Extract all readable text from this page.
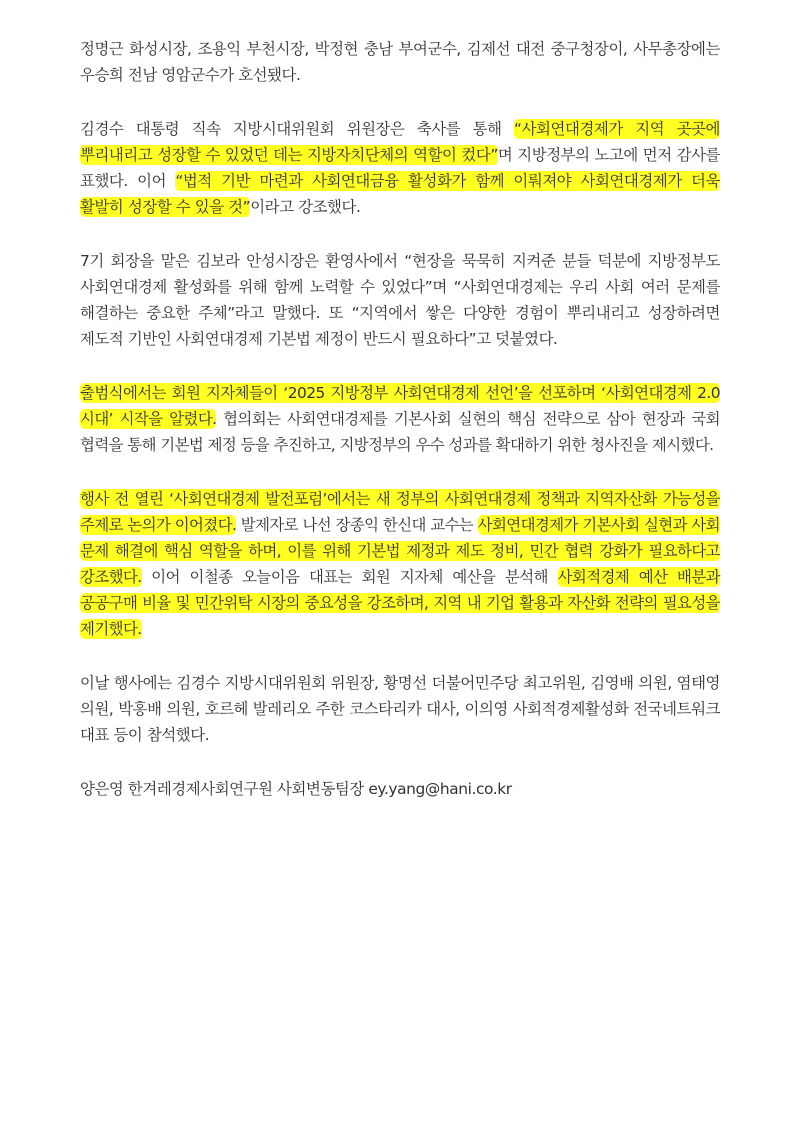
정명근 화성시장, 조용익 부천시장, 박정현 충남 부여군수, 김제선 대전 중구청장이, 사무총장에는 우승희 전남 영암군수가 호선됐다.

김경수 대통령 직속 지방시대위원회 위원장은 축사를 통해 “사회연대경제가 지역 곳곳에 뿌리내리고 성장할 수 있었던 데는 지방자치단체의 역할이 컸다”며 지방정부의 노고에 먼저 감사를 표했다. 이어 “법적 기반 마련과 사회연대금융 활성화가 함께 이뤄져야 사회연대경제가 더욱 활발히 성장할 수 있을 것”이라고 강조했다.

7기 회장을 맡은 김보라 안성시장은 환영사에서 “현장을 묵묵히 지켜준 분들 덕분에 지방정부도 사회연대경제 활성화를 위해 함께 노력할 수 있었다”며 “사회연대경제는 우리 사회 여러 문제를 해결하는 중요한 주체”라고 말했다. 또 “지역에서 쌓은 다양한 경험이 뿌리내리고 성장하려면 제도적 기반인 사회연대경제 기본법 제정이 반드시 필요하다”고 덧붙였다.

출범식에서는 회원 지자체들이 ‘2025 지방정부 사회연대경제 선언’을 선포하며 ‘사회연대경제 2.0 시대’ 시작을 알렸다. 협의회는 사회연대경제를 기본사회 실현의 핵심 전략으로 삼아 현장과 국회 협력을 통해 기본법 제정 등을 추진하고, 지방정부의 우수 성과를 확대하기 위한 청사진을 제시했다.

행사 전 열린 ‘사회연대경제 발전포럼’에서는 새 정부의 사회연대경제 정책과 지역자산화 가능성을 주제로 논의가 이어졌다. 발제자로 나선 장종익 한신대 교수는 사회연대경제가 기본사회 실현과 사회 문제 해결에 핵심 역할을 하며, 이를 위해 기본법 제정과 제도 정비, 민간 협력 강화가 필요하다고 강조했다. 이어 이철종 오늘이음 대표는 회원 지자체 예산을 분석해 사회적경제 예산 배분과 공공구매 비율 및 민간위탁 시장의 중요성을 강조하며, 지역 내 기업 활용과 자산화 전략의 필요성을 제기했다.

이날 행사에는 김경수 지방시대위원회 위원장, 황명선 더불어민주당 최고위원, 김영배 의원, 염태영 의원, 박홍배 의원, 호르헤 발레리오 주한 코스타리카 대사, 이의영 사회적경제활성화 전국네트워크 대표 등이 참석했다.

양은영 한겨레경제사회연구원 사회변동팀장 ey.yang@hani.co.kr
